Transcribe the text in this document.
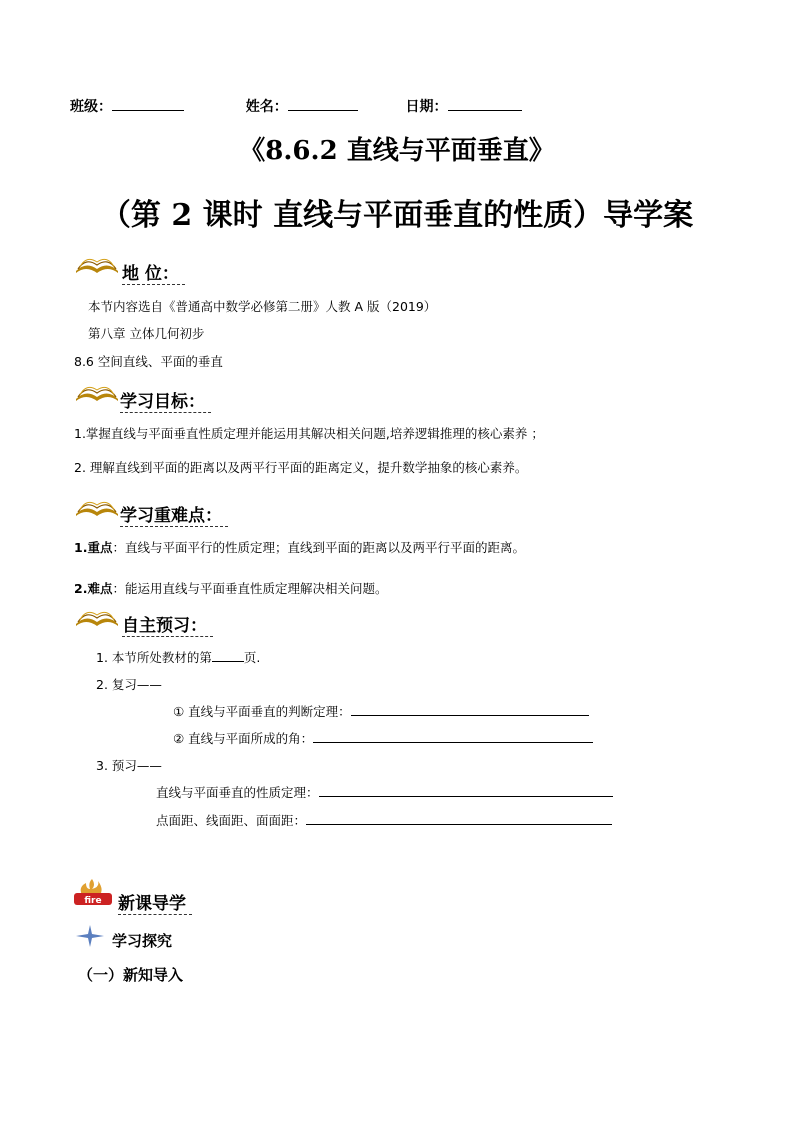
班级：	姓名：	日期：
《8.6.2 直线与平面垂直》
（第 2 课时 直线与平面垂直的性质）导学案
地 位：
本节内容选自《普通高中数学必修第二册》人教 A 版（2019）
第八章 立体几何初步
8.6 空间直线、平面的垂直
学习目标：
1.掌握直线与平面垂直性质定理并能运用其解决相关问题,培养逻辑推理的核心素养 ；
2. 理解直线到平面的距离以及两平行平面的距离定义，提升数学抽象的核心素养。
学习重难点：
1.重点：直线与平面平行的性质定理；直线到平面的距离以及两平行平面的距离。
2.难点：能运用直线与平面垂直性质定理解决相关问题。
自主预习：
1. 本节所处教材的第	页.
2. 复习——
① 直线与平面垂直的判断定理：
② 直线与平面所成的角：
3. 预习——
直线与平面垂直的性质定理：
点面距、线面距、面面距：
fire 新课导学
学习探究
（一）新知导入
